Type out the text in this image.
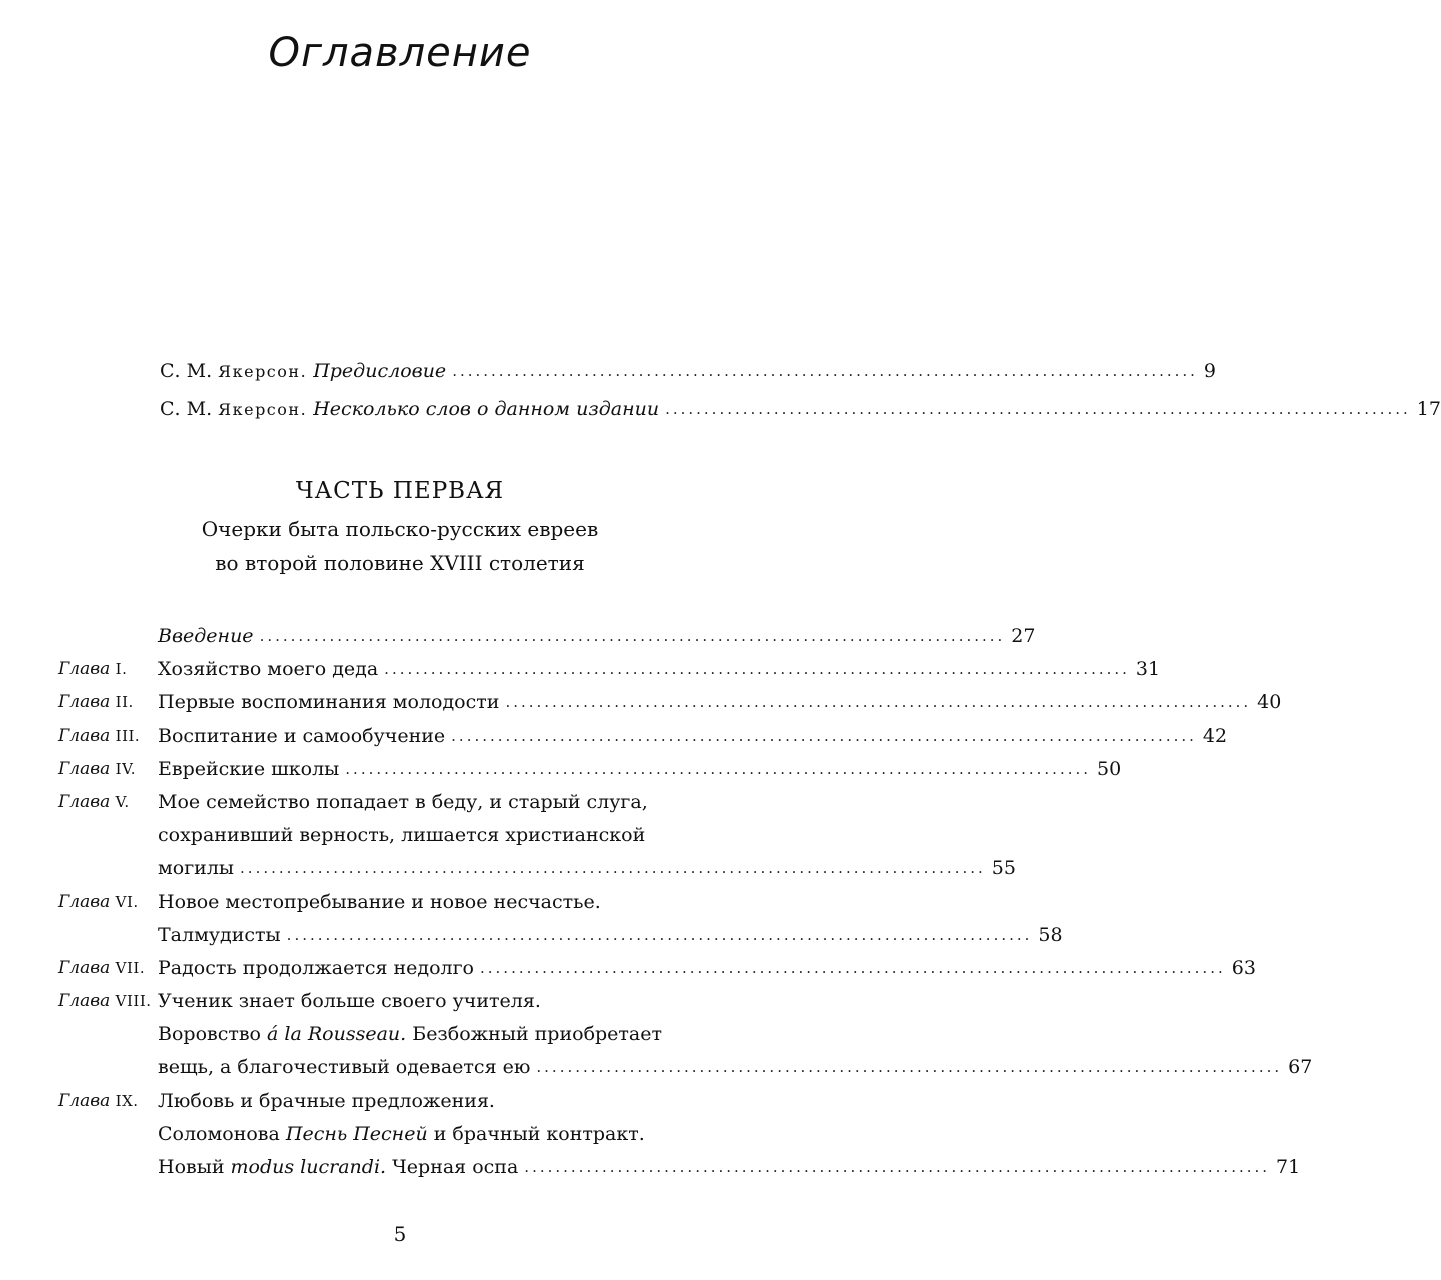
Оглавление
С. М. Якерсон. Предисловие ................................................................................................ 9
С. М. Якерсон. Несколько слов о данном издании ................................................................................................ 17
ЧАСТЬ ПЕРВАЯ
Очерки быта польско-русских евреев
во второй половине XVIII столетия
Введение ................................................................................................ 27
Глава I.	Хозяйство моего деда ................................................................................................ 31
Глава II.	Первые воспоминания молодости ................................................................................................ 40
Глава III. Воспитание и самообучение ................................................................................................ 42
Глава IV.	Еврейские школы ................................................................................................ 50
Глава V.	Мое семейство попадает в беду, и старый слуга,
сохранивший верность, лишается христианской
могилы ................................................................................................ 55
Глава VI.	Новое местопребывание и новое несчастье.
Талмудисты ................................................................................................ 58
Глава VII. Радость продолжается недолго ................................................................................................ 63
Глава VIII. Ученик знает больше своего учителя.
Воровство á la Rousseau. Безбожный приобретает
вещь, а благочестивый одевается ею ................................................................................................ 67
Глава IX.	Любовь и брачные предложения.
Соломонова Песнь Песней и брачный контракт.
Новый modus lucrandi. Черная оспа ................................................................................................ 71
5
